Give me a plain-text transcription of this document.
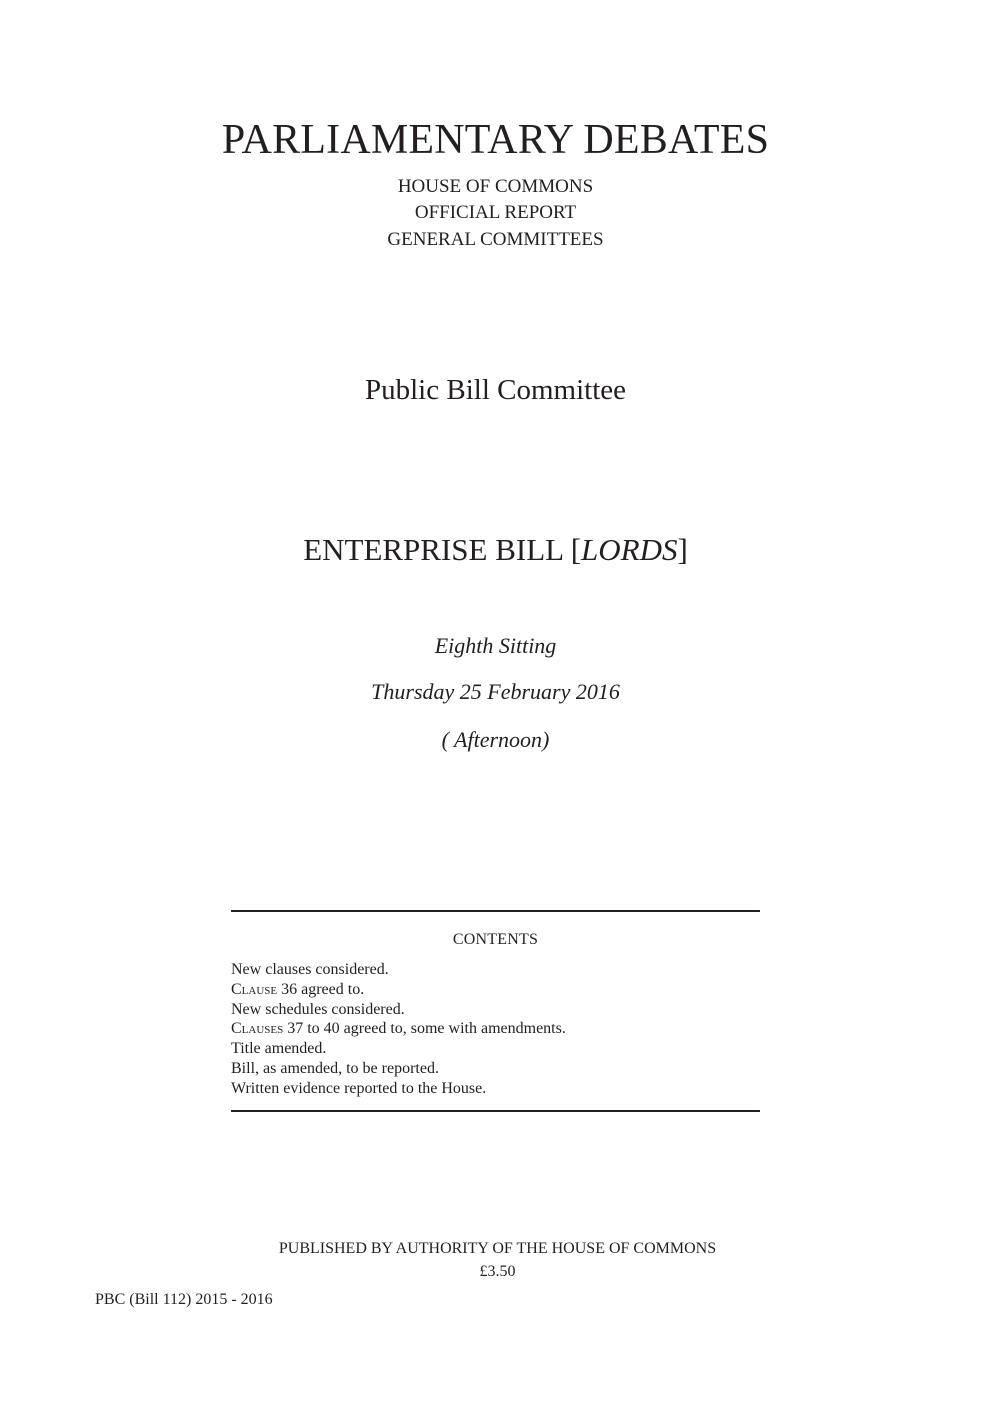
PARLIAMENTARY DEBATES
HOUSE OF COMMONS
OFFICIAL REPORT
GENERAL COMMITTEES
Public Bill Committee
ENTERPRISE BILL [LORDS]
Eighth Sitting
Thursday 25 February 2016
( Afternoon)
CONTENTS
New clauses considered.
Clause 36 agreed to.
New schedules considered.
Clauses 37 to 40 agreed to, some with amendments.
Title amended.
Bill, as amended, to be reported.
Written evidence reported to the House.
PUBLISHED BY AUTHORITY OF THE HOUSE OF COMMONS
£3.50
PBC (Bill 112) 2015 - 2016
